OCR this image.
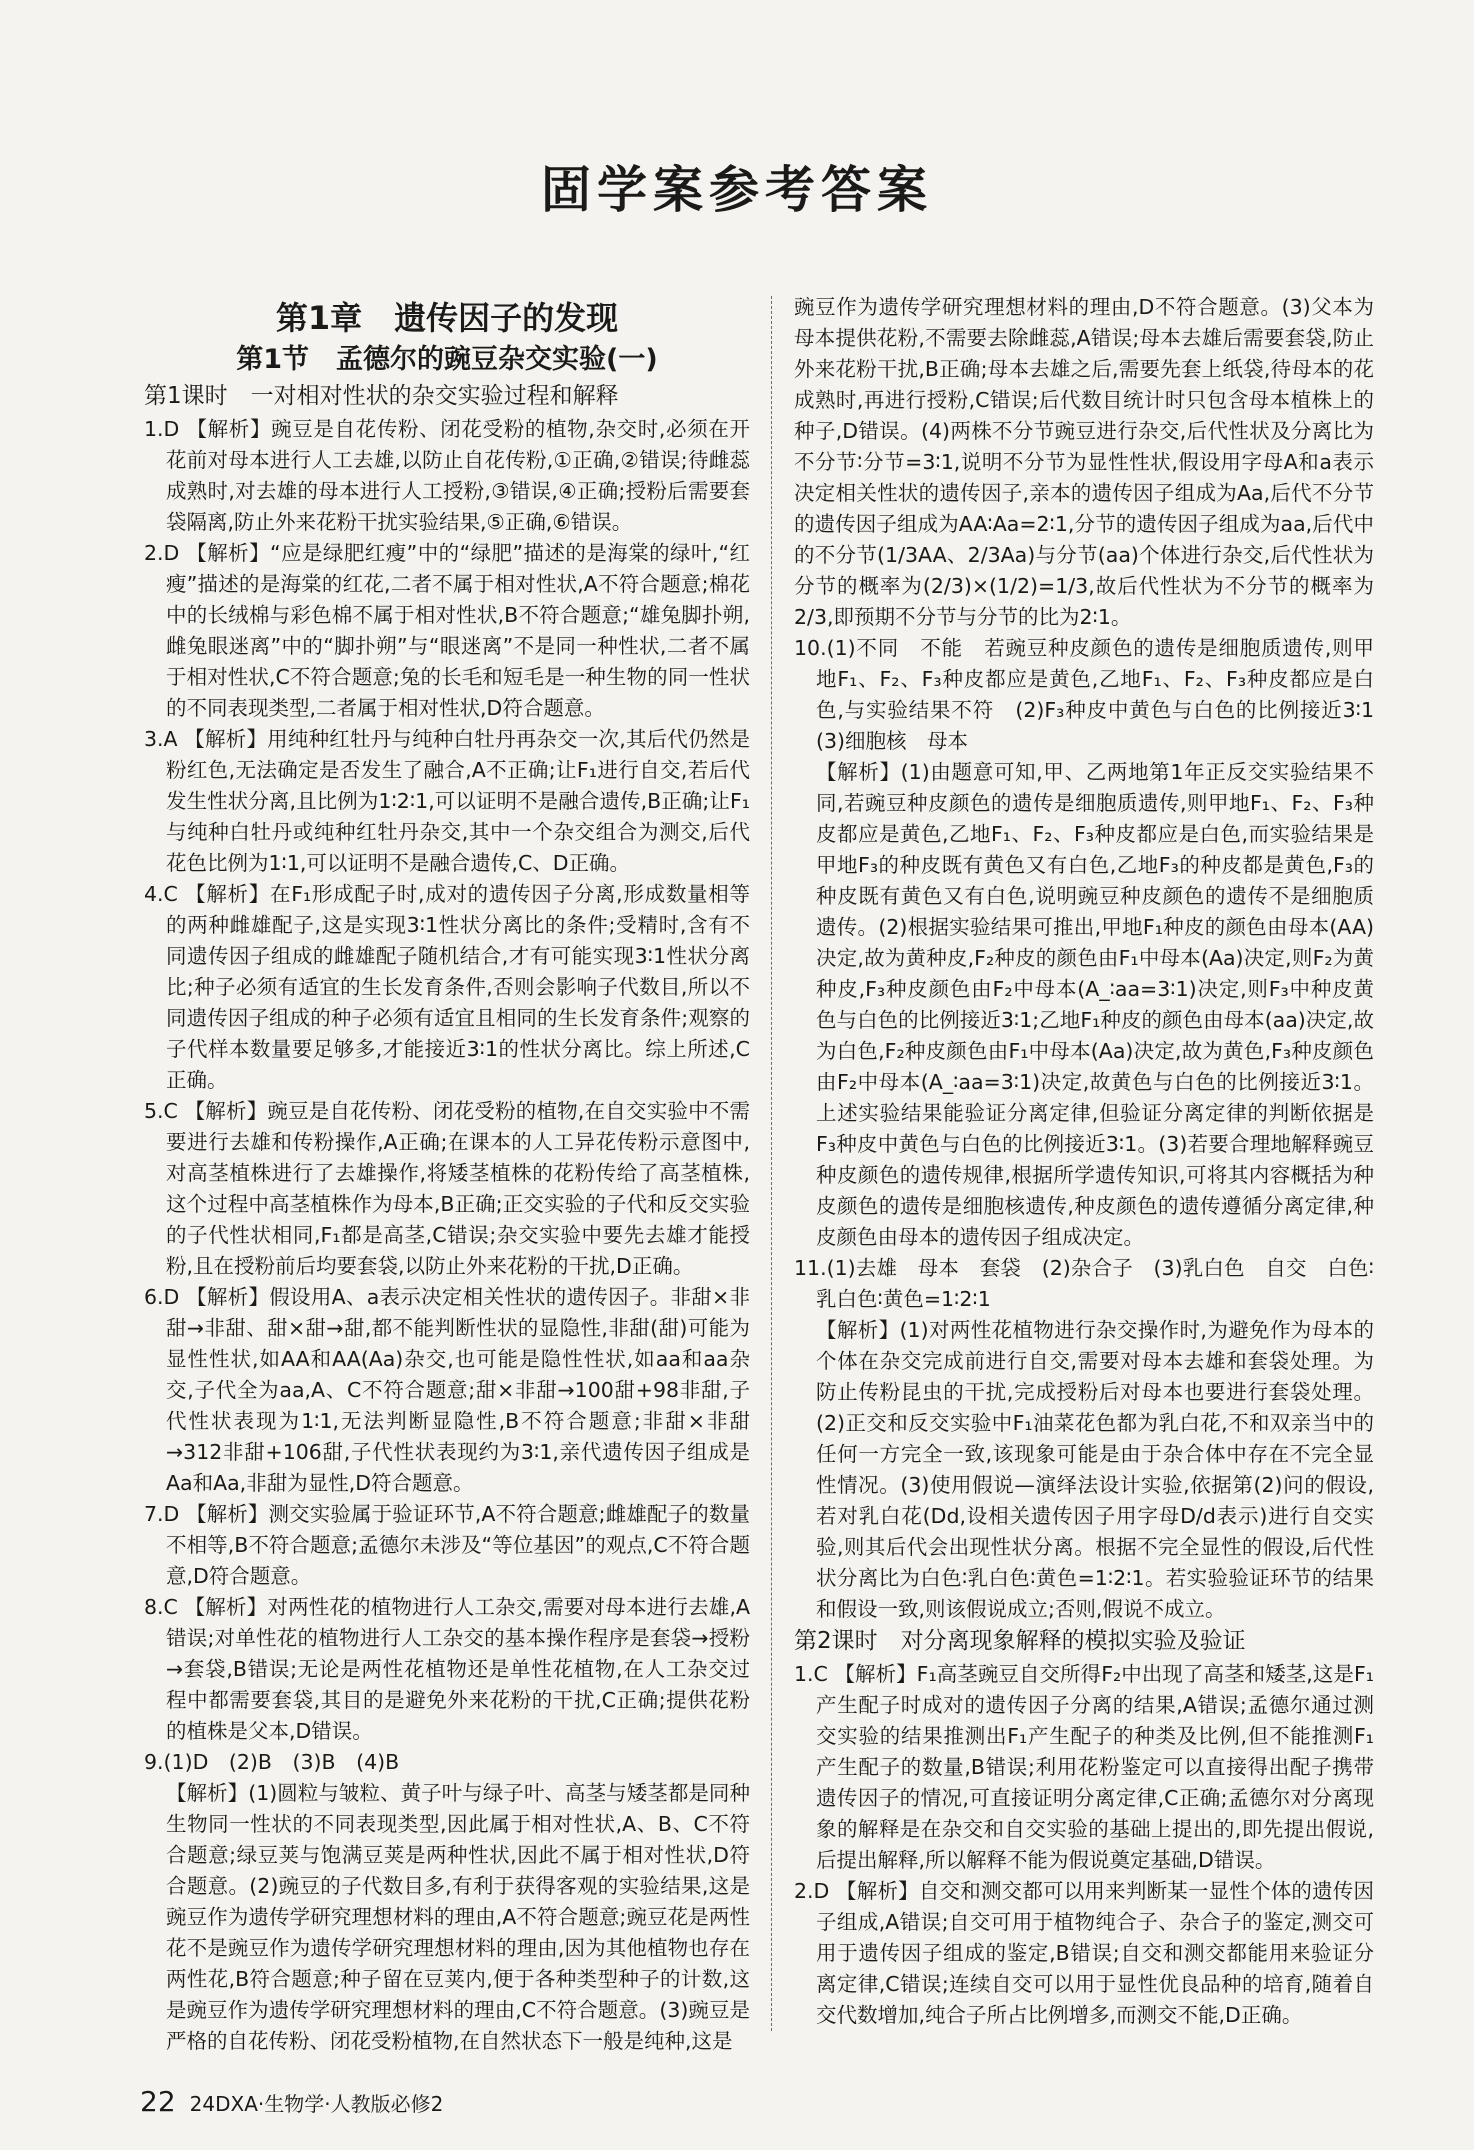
固学案参考答案
第1章　遗传因子的发现
第1节　孟德尔的豌豆杂交实验(一)
第1课时　一对相对性状的杂交实验过程和解释

1.D 【解析】豌豆是自花传粉、闭花受粉的植物,杂交时,必须在开花前对母本进行人工去雄,以防止自花传粉,①正确,②错误;待雌蕊成熟时,对去雄的母本进行人工授粉,③错误,④正确;授粉后需要套袋隔离,防止外来花粉干扰实验结果,⑤正确,⑥错误。

2.D 【解析】“应是绿肥红瘦”中的“绿肥”描述的是海棠的绿叶,“红瘦”描述的是海棠的红花,二者不属于相对性状,A不符合题意;棉花中的长绒棉与彩色棉不属于相对性状,B不符合题意;“雄兔脚扑朔,雌兔眼迷离”中的“脚扑朔”与“眼迷离”不是同一种性状,二者不属于相对性状,C不符合题意;兔的长毛和短毛是一种生物的同一性状的不同表现类型,二者属于相对性状,D符合题意。

3.A 【解析】用纯种红牡丹与纯种白牡丹再杂交一次,其后代仍然是粉红色,无法确定是否发生了融合,A不正确;让F₁进行自交,若后代发生性状分离,且比例为1∶2∶1,可以证明不是融合遗传,B正确;让F₁与纯种白牡丹或纯种红牡丹杂交,其中一个杂交组合为测交,后代花色比例为1∶1,可以证明不是融合遗传,C、D正确。

4.C 【解析】在F₁形成配子时,成对的遗传因子分离,形成数量相等的两种雌雄配子,这是实现3∶1性状分离比的条件;受精时,含有不同遗传因子组成的雌雄配子随机结合,才有可能实现3∶1性状分离比;种子必须有适宜的生长发育条件,否则会影响子代数目,所以不同遗传因子组成的种子必须有适宜且相同的生长发育条件;观察的子代样本数量要足够多,才能接近3∶1的性状分离比。综上所述,C正确。

5.C 【解析】豌豆是自花传粉、闭花受粉的植物,在自交实验中不需要进行去雄和传粉操作,A正确;在课本的人工异花传粉示意图中,对高茎植株进行了去雄操作,将矮茎植株的花粉传给了高茎植株,这个过程中高茎植株作为母本,B正确;正交实验的子代和反交实验的子代性状相同,F₁都是高茎,C错误;杂交实验中要先去雄才能授粉,且在授粉前后均要套袋,以防止外来花粉的干扰,D正确。

6.D 【解析】假设用A、a表示决定相关性状的遗传因子。非甜×非甜→非甜、甜×甜→甜,都不能判断性状的显隐性,非甜(甜)可能为显性性状,如AA和AA(Aa)杂交,也可能是隐性性状,如aa和aa杂交,子代全为aa,A、C不符合题意;甜×非甜→100甜+98非甜,子代性状表现为1∶1,无法判断显隐性,B不符合题意;非甜×非甜→312非甜+106甜,子代性状表现约为3∶1,亲代遗传因子组成是Aa和Aa,非甜为显性,D符合题意。

7.D 【解析】测交实验属于验证环节,A不符合题意;雌雄配子的数量不相等,B不符合题意;孟德尔未涉及“等位基因”的观点,C不符合题意,D符合题意。

8.C 【解析】对两性花的植物进行人工杂交,需要对母本进行去雄,A错误;对单性花的植物进行人工杂交的基本操作程序是套袋→授粉→套袋,B错误;无论是两性花植物还是单性花植物,在人工杂交过程中都需要套袋,其目的是避免外来花粉的干扰,C正确;提供花粉的植株是父本,D错误。

9.(1)D　(2)B　(3)B　(4)B

【解析】(1)圆粒与皱粒、黄子叶与绿子叶、高茎与矮茎都是同种生物同一性状的不同表现类型,因此属于相对性状,A、B、C不符合题意;绿豆荚与饱满豆荚是两种性状,因此不属于相对性状,D符合题意。(2)豌豆的子代数目多,有利于获得客观的实验结果,这是豌豆作为遗传学研究理想材料的理由,A不符合题意;豌豆花是两性花不是豌豆作为遗传学研究理想材料的理由,因为其他植物也存在两性花,B符合题意;种子留在豆荚内,便于各种类型种子的计数,这是豌豆作为遗传学研究理想材料的理由,C不符合题意。(3)豌豆是严格的自花传粉、闭花受粉植物,在自然状态下一般是纯种,这是

豌豆作为遗传学研究理想材料的理由,D不符合题意。(3)父本为母本提供花粉,不需要去除雌蕊,A错误;母本去雄后需要套袋,防止外来花粉干扰,B正确;母本去雄之后,需要先套上纸袋,待母本的花成熟时,再进行授粉,C错误;后代数目统计时只包含母本植株上的种子,D错误。(4)两株不分节豌豆进行杂交,后代性状及分离比为不分节∶分节=3∶1,说明不分节为显性性状,假设用字母A和a表示决定相关性状的遗传因子,亲本的遗传因子组成为Aa,后代不分节的遗传因子组成为AA∶Aa=2∶1,分节的遗传因子组成为aa,后代中的不分节(1/3AA、2/3Aa)与分节(aa)个体进行杂交,后代性状为分节的概率为(2/3)×(1/2)=1/3,故后代性状为不分节的概率为2/3,即预期不分节与分节的比为2∶1。

10.(1)不同　不能　若豌豆种皮颜色的遗传是细胞质遗传,则甲地F₁、F₂、F₃种皮都应是黄色,乙地F₁、F₂、F₃种皮都应是白色,与实验结果不符　(2)F₃种皮中黄色与白色的比例接近3∶1　(3)细胞核　母本

【解析】(1)由题意可知,甲、乙两地第1年正反交实验结果不同,若豌豆种皮颜色的遗传是细胞质遗传,则甲地F₁、F₂、F₃种皮都应是黄色,乙地F₁、F₂、F₃种皮都应是白色,而实验结果是甲地F₃的种皮既有黄色又有白色,乙地F₃的种皮都是黄色,F₃的种皮既有黄色又有白色,说明豌豆种皮颜色的遗传不是细胞质遗传。(2)根据实验结果可推出,甲地F₁种皮的颜色由母本(AA)决定,故为黄种皮,F₂种皮的颜色由F₁中母本(Aa)决定,则F₂为黄种皮,F₃种皮颜色由F₂中母本(A_∶aa=3∶1)决定,则F₃中种皮黄色与白色的比例接近3∶1;乙地F₁种皮的颜色由母本(aa)决定,故为白色,F₂种皮颜色由F₁中母本(Aa)决定,故为黄色,F₃种皮颜色由F₂中母本(A_∶aa=3∶1)决定,故黄色与白色的比例接近3∶1。上述实验结果能验证分离定律,但验证分离定律的判断依据是F₃种皮中黄色与白色的比例接近3∶1。(3)若要合理地解释豌豆种皮颜色的遗传规律,根据所学遗传知识,可将其内容概括为种皮颜色的遗传是细胞核遗传,种皮颜色的遗传遵循分离定律,种皮颜色由母本的遗传因子组成决定。

11.(1)去雄　母本　套袋　(2)杂合子　(3)乳白色　自交　白色∶乳白色∶黄色=1∶2∶1

【解析】(1)对两性花植物进行杂交操作时,为避免作为母本的个体在杂交完成前进行自交,需要对母本去雄和套袋处理。为防止传粉昆虫的干扰,完成授粉后对母本也要进行套袋处理。(2)正交和反交实验中F₁油菜花色都为乳白花,不和双亲当中的任何一方完全一致,该现象可能是由于杂合体中存在不完全显性情况。(3)使用假说—演绎法设计实验,依据第(2)问的假设,若对乳白花(Dd,设相关遗传因子用字母D/d表示)进行自交实验,则其后代会出现性状分离。根据不完全显性的假设,后代性状分离比为白色∶乳白色∶黄色=1∶2∶1。若实验验证环节的结果和假设一致,则该假说成立;否则,假说不成立。

第2课时　对分离现象解释的模拟实验及验证

1.C 【解析】F₁高茎豌豆自交所得F₂中出现了高茎和矮茎,这是F₁产生配子时成对的遗传因子分离的结果,A错误;孟德尔通过测交实验的结果推测出F₁产生配子的种类及比例,但不能推测F₁产生配子的数量,B错误;利用花粉鉴定可以直接得出配子携带遗传因子的情况,可直接证明分离定律,C正确;孟德尔对分离现象的解释是在杂交和自交实验的基础上提出的,即先提出假说,后提出解释,所以解释不能为假说奠定基础,D错误。

2.D 【解析】自交和测交都可以用来判断某一显性个体的遗传因子组成,A错误;自交可用于植物纯合子、杂合子的鉴定,测交可用于遗传因子组成的鉴定,B错误;自交和测交都能用来验证分离定律,C错误;连续自交可以用于显性优良品种的培育,随着自交代数增加,纯合子所占比例增多,而测交不能,D正确。

22 24DXA·生物学·人教版必修2
